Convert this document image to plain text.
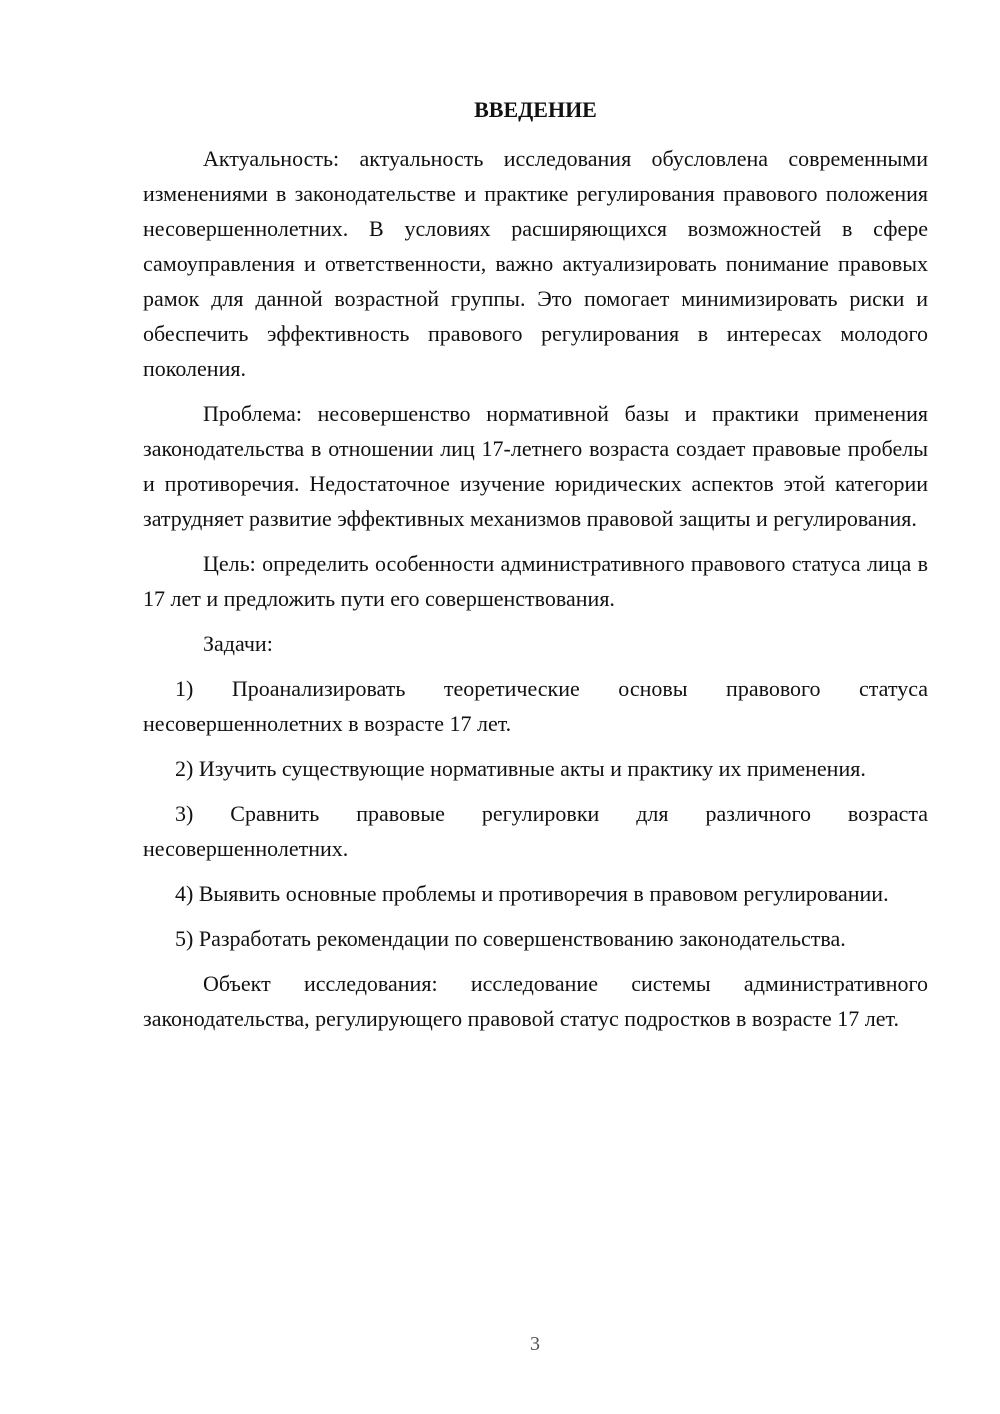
ВВЕДЕНИЕ

Актуальность: актуальность исследования обусловлена современными изменениями в законодательстве и практике регулирования правового положения несовершеннолетних. В условиях расширяющихся возможностей в сфере самоуправления и ответственности, важно актуализировать понимание правовых рамок для данной возрастной группы. Это помогает минимизировать риски и обеспечить эффективность правового регулирования в интересах молодого поколения.

Проблема: несовершенство нормативной базы и практики применения законодательства в отношении лиц 17-летнего возраста создает правовые пробелы и противоречия. Недостаточное изучение юридических аспектов этой категории затрудняет развитие эффективных механизмов правовой защиты и регулирования.

Цель: определить особенности административного правового статуса лица в 17 лет и предложить пути его совершенствования.

Задачи:

1) Проанализировать теоретические основы правового статуса несовершеннолетних в возрасте 17 лет.

2) Изучить существующие нормативные акты и практику их применения.

3) Сравнить правовые регулировки для различного возраста несовершеннолетних.

4) Выявить основные проблемы и противоречия в правовом регулировании.

5) Разработать рекомендации по совершенствованию законодательства.

Объект исследования: исследование системы административного законодательства, регулирующего правовой статус подростков в возрасте 17 лет.

3
